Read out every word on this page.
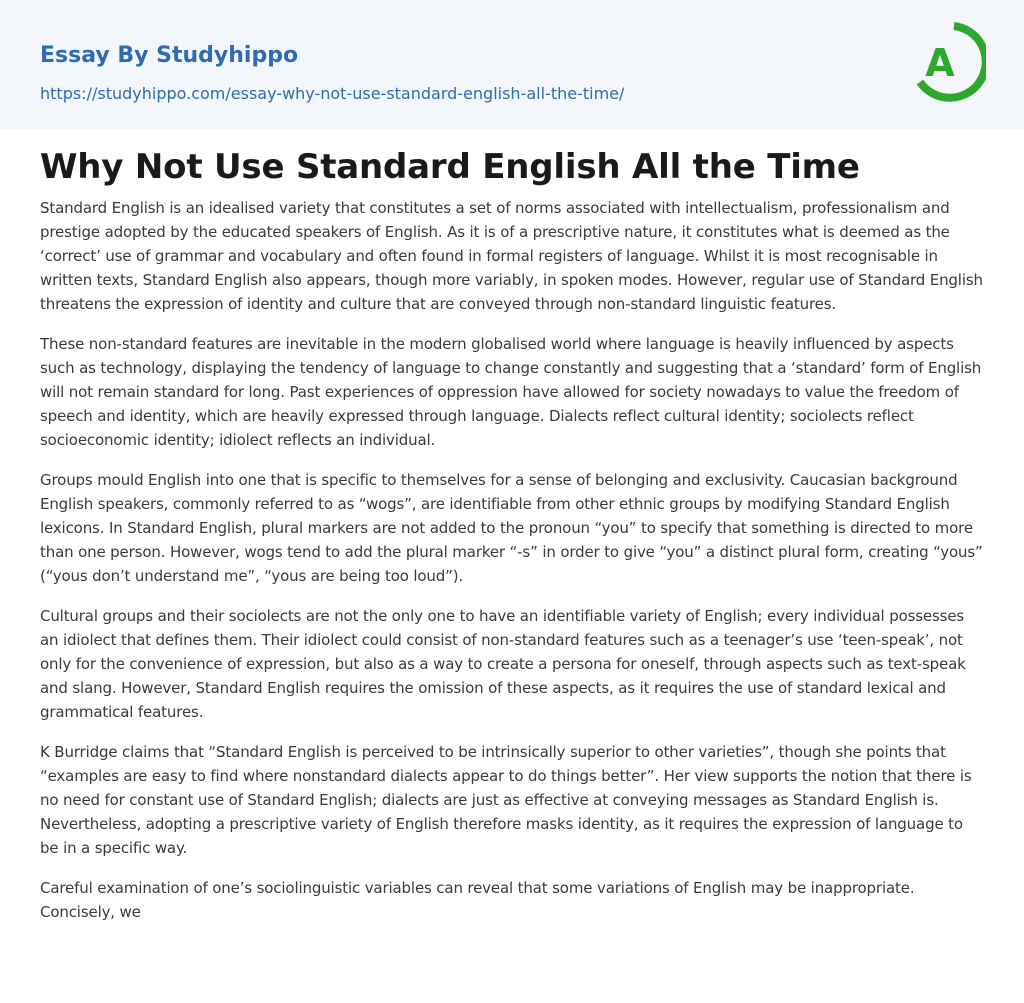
Essay By Studyhippo
https://studyhippo.com/essay-why-not-use-standard-english-all-the-time/
A
Why Not Use Standard English All the Time

Standard English is an idealised variety that constitutes a set of norms associated with intellectualism, professionalism and prestige adopted by the educated speakers of English. As it is of a prescriptive nature, it constitutes what is deemed as the ‘correct’ use of grammar and vocabulary and often found in formal registers of language. Whilst it is most recognisable in written texts, Standard English also appears, though more variably, in spoken modes. However, regular use of Standard English threatens the expression of identity and culture that are conveyed through non-standard linguistic features.

These non-standard features are inevitable in the modern globalised world where language is heavily influenced by aspects such as technology, displaying the tendency of language to change constantly and suggesting that a ‘standard’ form of English will not remain standard for long. Past experiences of oppression have allowed for society nowadays to value the freedom of speech and identity, which are heavily expressed through language. Dialects reflect cultural identity; sociolects reflect socioeconomic identity; idiolect reflects an individual.

Groups mould English into one that is specific to themselves for a sense of belonging and exclusivity. Caucasian background English speakers, commonly referred to as “wogs”, are identifiable from other ethnic groups by modifying Standard English lexicons. In Standard English, plural markers are not added to the pronoun “you” to specify that something is directed to more than one person. However, wogs tend to add the plural marker “-s” in order to give “you” a distinct plural form, creating “yous” (“yous don’t understand me”, “yous are being too loud”).

Cultural groups and their sociolects are not the only one to have an identifiable variety of English; every individual possesses an idiolect that defines them. Their idiolect could consist of non-standard features such as a teenager’s use ‘teen-speak’, not only for the convenience of expression, but also as a way to create a persona for oneself, through aspects such as text-speak and slang. However, Standard English requires the omission of these aspects, as it requires the use of standard lexical and grammatical features.

K Burridge claims that “Standard English is perceived to be intrinsically superior to other varieties”, though she points that “examples are easy to find where nonstandard dialects appear to do things better”. Her view supports the notion that there is no need for constant use of Standard English; dialects are just as effective at conveying messages as Standard English is. Nevertheless, adopting a prescriptive variety of English therefore masks identity, as it requires the expression of language to be in a specific way.

Careful examination of one’s sociolinguistic variables can reveal that some variations of English may be inappropriate. Concisely, we
